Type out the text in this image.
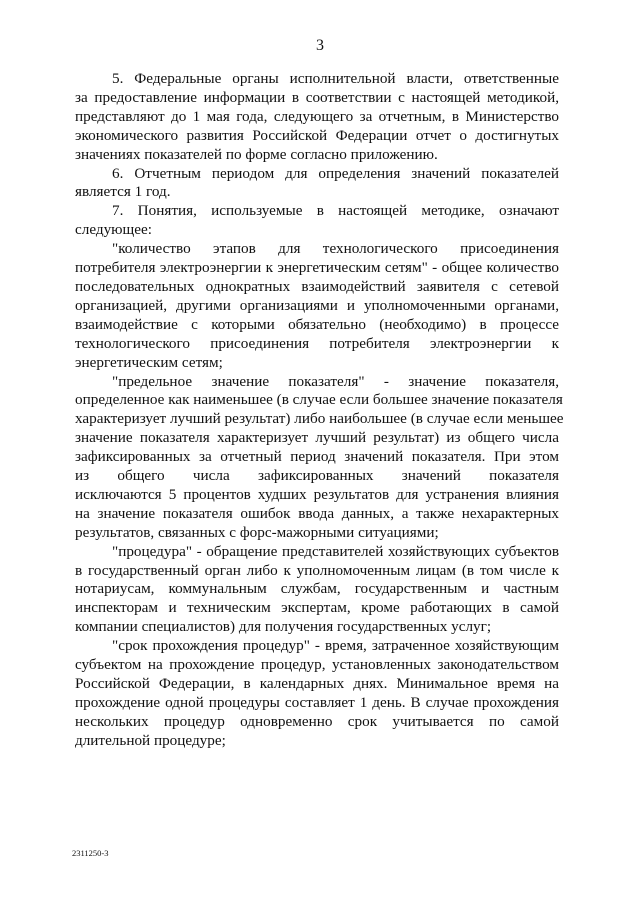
3

5. Федеральные органы исполнительной власти, ответственные
за предоставление информации в соответствии с настоящей методикой,
представляют до 1 мая года, следующего за отчетным, в Министерство
экономического развития Российской Федерации отчет о достигнутых
значениях показателей по форме согласно приложению.

6. Отчетным периодом для определения значений показателей
является 1 год.

7. Понятия, используемые в настоящей методике, означают
следующее:

"количество этапов для технологического присоединения
потребителя электроэнергии к энергетическим сетям" - общее количество
последовательных однократных взаимодействий заявителя с сетевой
организацией, другими организациями и уполномоченными органами,
взаимодействие с которыми обязательно (необходимо) в процессе
технологического присоединения потребителя электроэнергии к
энергетическим сетям;

"предельное значение показателя" - значение показателя,
определенное как наименьшее (в случае если большее значение показателя
характеризует лучший результат) либо наибольшее (в случае если меньшее
значение показателя характеризует лучший результат) из общего числа
зафиксированных за отчетный период значений показателя. При этом
из общего числа зафиксированных значений показателя
исключаются 5 процентов худших результатов для устранения влияния
на значение показателя ошибок ввода данных, а также нехарактерных
результатов, связанных с форс-мажорными ситуациями;

"процедура" - обращение представителей хозяйствующих субъектов
в государственный орган либо к уполномоченным лицам (в том числе к
нотариусам, коммунальным службам, государственным и частным
инспекторам и техническим экспертам, кроме работающих в самой
компании специалистов) для получения государственных услуг;

"срок прохождения процедур" - время, затраченное хозяйствующим
субъектом на прохождение процедур, установленных законодательством
Российской Федерации, в календарных днях. Минимальное время на
прохождение одной процедуры составляет 1 день. В случае прохождения
нескольких процедур одновременно срок учитывается по самой
длительной процедуре;

2311250-3
